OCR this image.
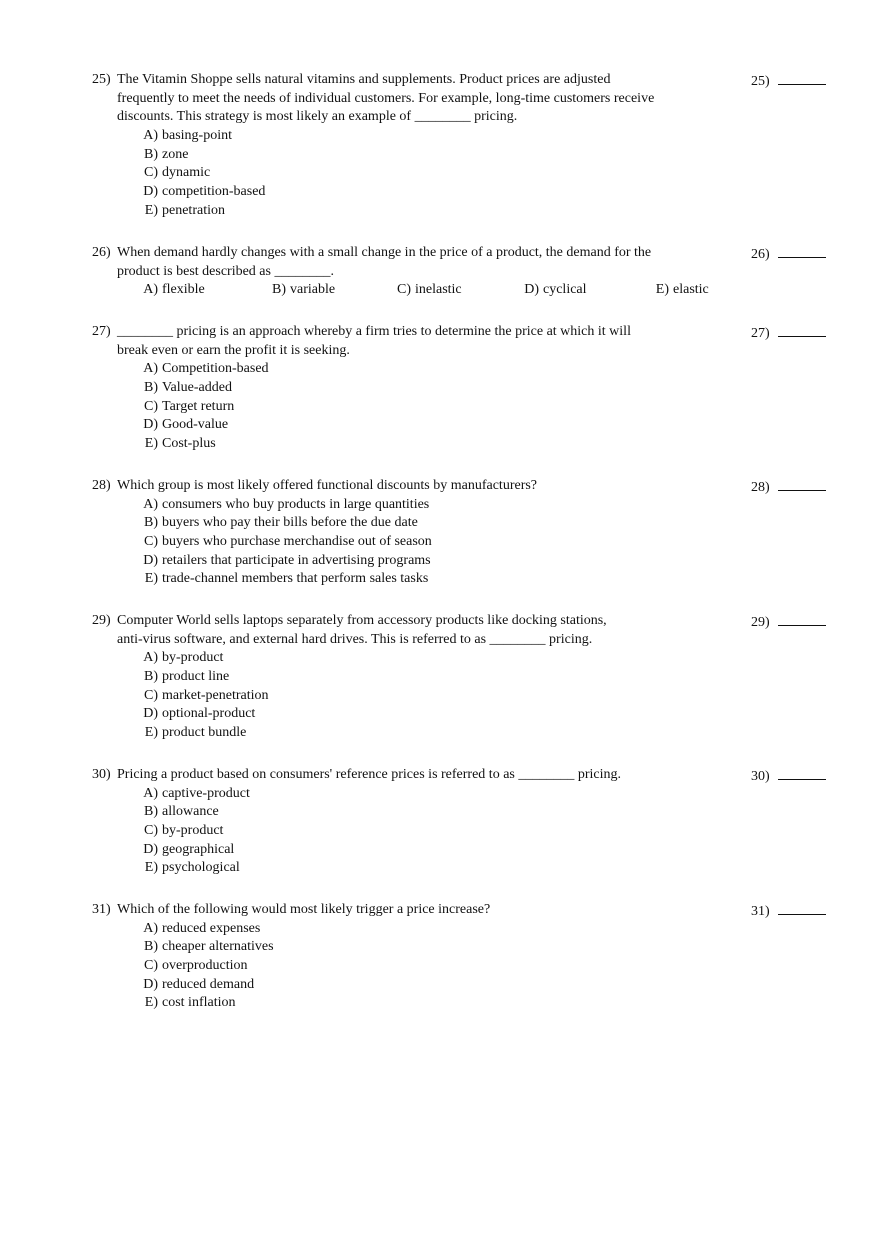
25) The Vitamin Shoppe sells natural vitamins and supplements. Product prices are adjusted
frequently to meet the needs of individual customers. For example, long-time customers receive
discounts. This strategy is most likely an example of ________ pricing.
A) basing-point
B) zone
C) dynamic
D) competition-based
E) penetration
25)
26) When demand hardly changes with a small change in the price of a product, the demand for the
product is best described as ________.
A) flexible	B) variable	C) inelastic	D) cyclical	E) elastic
26)
27) ________ pricing is an approach whereby a firm tries to determine the price at which it will
break even or earn the profit it is seeking.
A) Competition-based
B) Value-added
C) Target return
D) Good-value
E) Cost-plus
27)
28) Which group is most likely offered functional discounts by manufacturers?
A) consumers who buy products in large quantities
B) buyers who pay their bills before the due date
C) buyers who purchase merchandise out of season
D) retailers that participate in advertising programs
E) trade-channel members that perform sales tasks
28)
29) Computer World sells laptops separately from accessory products like docking stations,
anti-virus software, and external hard drives. This is referred to as ________ pricing.
A) by-product
B) product line
C) market-penetration
D) optional-product
E) product bundle
29)
30) Pricing a product based on consumers' reference prices is referred to as ________ pricing.
A) captive-product
B) allowance
C) by-product
D) geographical
E) psychological
30)
31) Which of the following would most likely trigger a price increase?
A) reduced expenses
B) cheaper alternatives
C) overproduction
D) reduced demand
E) cost inflation
31)
